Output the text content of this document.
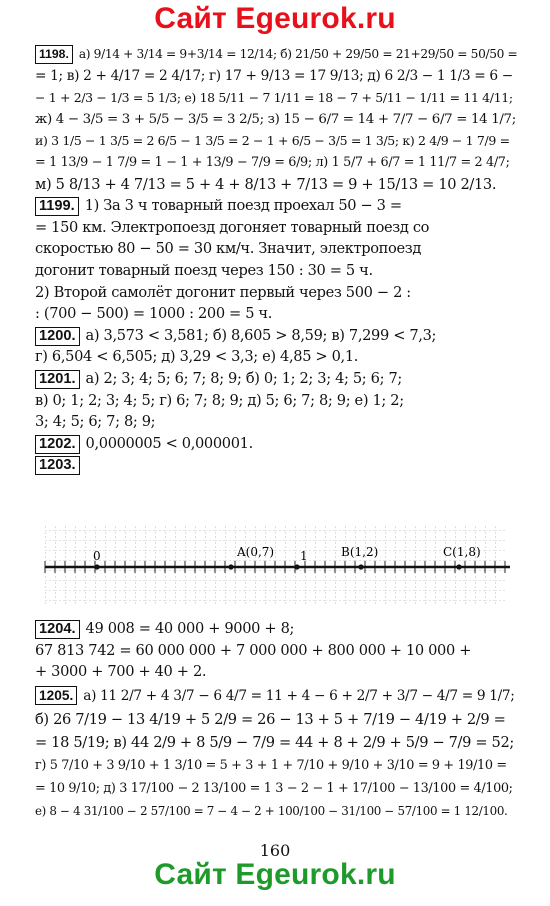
Сайт Egeurok.ru
1198. а) 9/14 + 3/14 = 9+3/14 = 12/14; б) 21/50 + 29/50 = 21+29/50 = 50/50 =
= 1; в) 2 + 4/17 = 2 4/17; г) 17 + 9/13 = 17 9/13; д) 6 2/3 − 1 1/3 = 6 −
− 1 + 2/3 − 1/3 = 5 1/3; е) 18 5/11 − 7 1/11 = 18 − 7 + 5/11 − 1/11 = 11 4/11;
ж) 4 − 3/5 = 3 + 5/5 − 3/5 = 3 2/5; з) 15 − 6/7 = 14 + 7/7 − 6/7 = 14 1/7;
и) 3 1/5 − 1 3/5 = 2 6/5 − 1 3/5 = 2 − 1 + 6/5 − 3/5 = 1 3/5; к) 2 4/9 − 1 7/9 =
= 1 13/9 − 1 7/9 = 1 − 1 + 13/9 − 7/9 = 6/9; л) 1 5/7 + 6/7 = 1 11/7 = 2 4/7;
м) 5 8/13 + 4 7/13 = 5 + 4 + 8/13 + 7/13 = 9 + 15/13 = 10 2/13.
1199. 1) За 3 ч товарный поезд проехал 50 − 3 =
= 150 км. Электропоезд догоняет товарный поезд со
скоростью 80 − 50 = 30 км/ч. Значит, электропоезд
догонит товарный поезд через 150 : 30 = 5 ч.
2) Второй самолёт догонит первый через 500 − 2 :
: (700 − 500) = 1000 : 200 = 5 ч.
1200. а) 3,573 < 3,581; б) 8,605 > 8,59; в) 7,299 < 7,3;
г) 6,504 < 6,505; д) 3,29 < 3,3; е) 4,85 > 0,1.
1201. а) 2; 3; 4; 5; 6; 7; 8; 9; б) 0; 1; 2; 3; 4; 5; 6; 7;
в) 0; 1; 2; 3; 4; 5; г) 6; 7; 8; 9; д) 5; 6; 7; 8; 9; е) 1; 2;
3; 4; 5; 6; 7; 8; 9;
1202. 0,0000005 < 0,000001.
1203.
0	A(0,7) 1	B(1,2)	C(1,8)
1204. 49 008 = 40 000 + 9000 + 8;
67 813 742 = 60 000 000 + 7 000 000 + 800 000 + 10 000 +
+ 3000 + 700 + 40 + 2.
1205. а) 11 2/7 + 4 3/7 − 6 4/7 = 11 + 4 − 6 + 2/7 + 3/7 − 4/7 = 9 1/7;
б) 26 7/19 − 13 4/19 + 5 2/9 = 26 − 13 + 5 + 7/19 − 4/19 + 2/9 =
= 18 5/19; в) 44 2/9 + 8 5/9 − 7/9 = 44 + 8 + 2/9 + 5/9 − 7/9 = 52;
г) 5 7/10 + 3 9/10 + 1 3/10 = 5 + 3 + 1 + 7/10 + 9/10 + 3/10 = 9 + 19/10 =
= 10 9/10; д) 3 17/100 − 2 13/100 = 1 3 − 2 − 1 + 17/100 − 13/100 = 4/100;
е) 8 − 4 31/100 − 2 57/100 = 7 − 4 − 2 + 100/100 − 31/100 − 57/100 = 1 12/100.
160
Сайт Egeurok.ru
